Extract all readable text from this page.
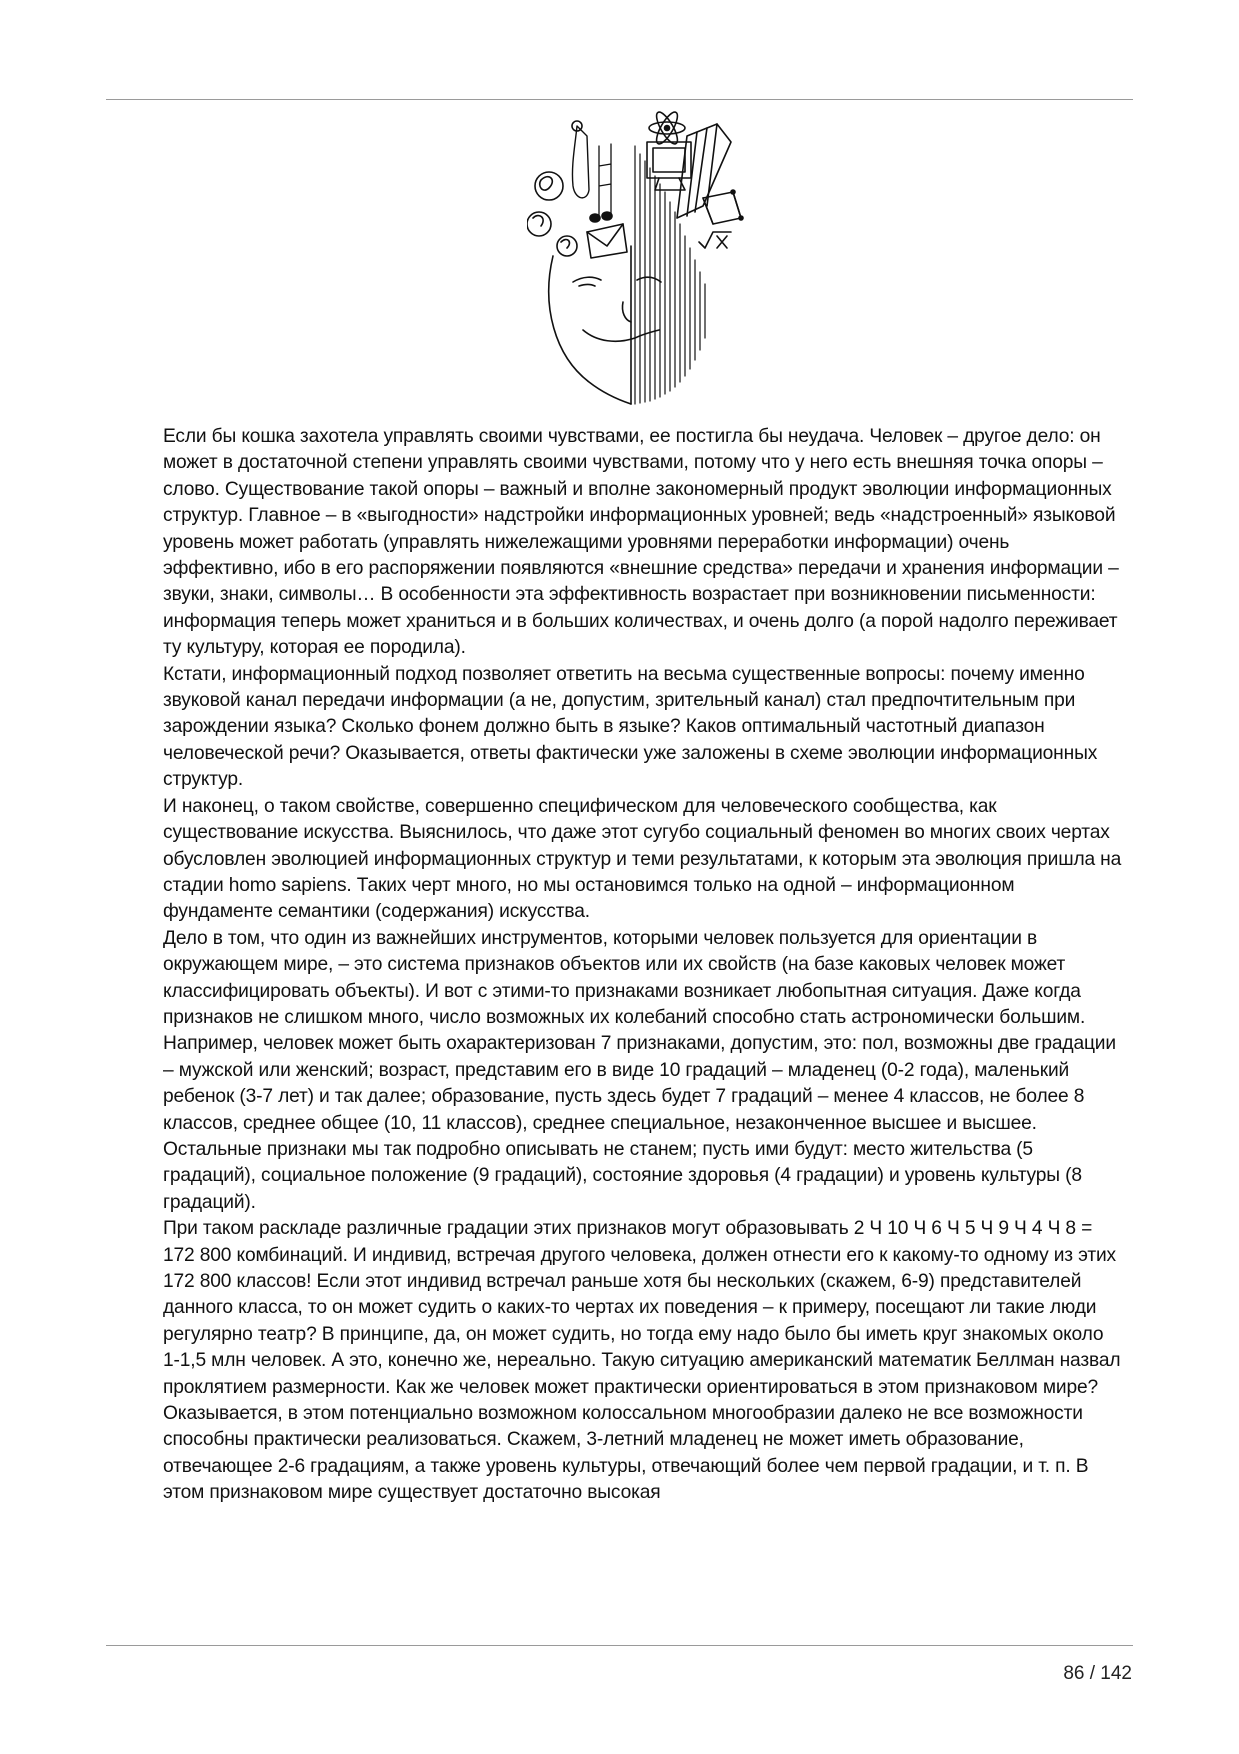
Если бы кошка захотела управлять своими чувствами, ее постигла бы неудача. Человек – другое дело: он может в достаточной степени управлять своими чувствами, потому что у него есть внешняя точка опоры – слово. Существование такой опоры – важный и вполне закономерный продукт эволюции информационных структур. Главное – в «выгодности» надстройки информационных уровней; ведь «надстроенный» языковой уровень может работать (управлять нижележащими уровнями переработки информации) очень эффективно, ибо в его распоряжении появляются «внешние средства» передачи и хранения информации – звуки, знаки, символы… В особенности эта эффективность возрастает при возникновении письменности: информация теперь может храниться и в больших количествах, и очень долго (а порой надолго переживает ту культуру, которая ее породила).

Кстати, информационный подход позволяет ответить на весьма существенные вопросы: почему именно звуковой канал передачи информации (а не, допустим, зрительный канал) стал предпочтительным при зарождении языка? Сколько фонем должно быть в языке? Каков оптимальный частотный диапазон человеческой речи? Оказывается, ответы фактически уже заложены в схеме эволюции информационных структур.

И наконец, о таком свойстве, совершенно специфическом для человеческого сообщества, как существование искусства. Выяснилось, что даже этот сугубо социальный феномен во многих своих чертах обусловлен эволюцией информационных структур и теми результатами, к которым эта эволюция пришла на стадии homo sapiens. Таких черт много, но мы остановимся только на одной – информационном фундаменте семантики (содержания) искусства.

Дело в том, что один из важнейших инструментов, которыми человек пользуется для ориентации в окружающем мире, – это система признаков объектов или их свойств (на базе каковых человек может классифицировать объекты). И вот с этими-то признаками возникает любопытная ситуация. Даже когда признаков не слишком много, число возможных их колебаний способно стать астрономически большим. Например, человек может быть охарактеризован 7 признаками, допустим, это: пол, возможны две градации – мужской или женский; возраст, представим его в виде 10 градаций – младенец (0-2 года), маленький ребенок (3-7 лет) и так далее; образование, пусть здесь будет 7 градаций – менее 4 классов, не более 8 классов, среднее общее (10, 11 классов), среднее специальное, незаконченное высшее и высшее.

Остальные признаки мы так подробно описывать не станем; пусть ими будут: место жительства (5 градаций), социальное положение (9 градаций), состояние здоровья (4 градации) и уровень культуры (8 градаций).

При таком раскладе различные градации этих признаков могут образовывать 2 Ч 10 Ч 6 Ч 5 Ч 9 Ч 4 Ч 8 = 172 800 комбинаций. И индивид, встречая другого человека, должен отнести его к какому-то одному из этих 172 800 классов! Если этот индивид встречал раньше хотя бы нескольких (скажем, 6-9) представителей данного класса, то он может судить о каких-то чертах их поведения – к примеру, посещают ли такие люди регулярно театр? В принципе, да, он может судить, но тогда ему надо было бы иметь круг знакомых около 1-1,5 млн человек. А это, конечно же, нереально. Такую ситуацию американский математик Беллман назвал проклятием размерности. Как же человек может практически ориентироваться в этом признаковом мире?

Оказывается, в этом потенциально возможном колоссальном многообразии далеко не все возможности способны практически реализоваться. Скажем, 3-летний младенец не может иметь образование, отвечающее 2-6 градациям, а также уровень культуры, отвечающий более чем первой градации, и т. п. В этом признаковом мире существует достаточно высокая

86 / 142
